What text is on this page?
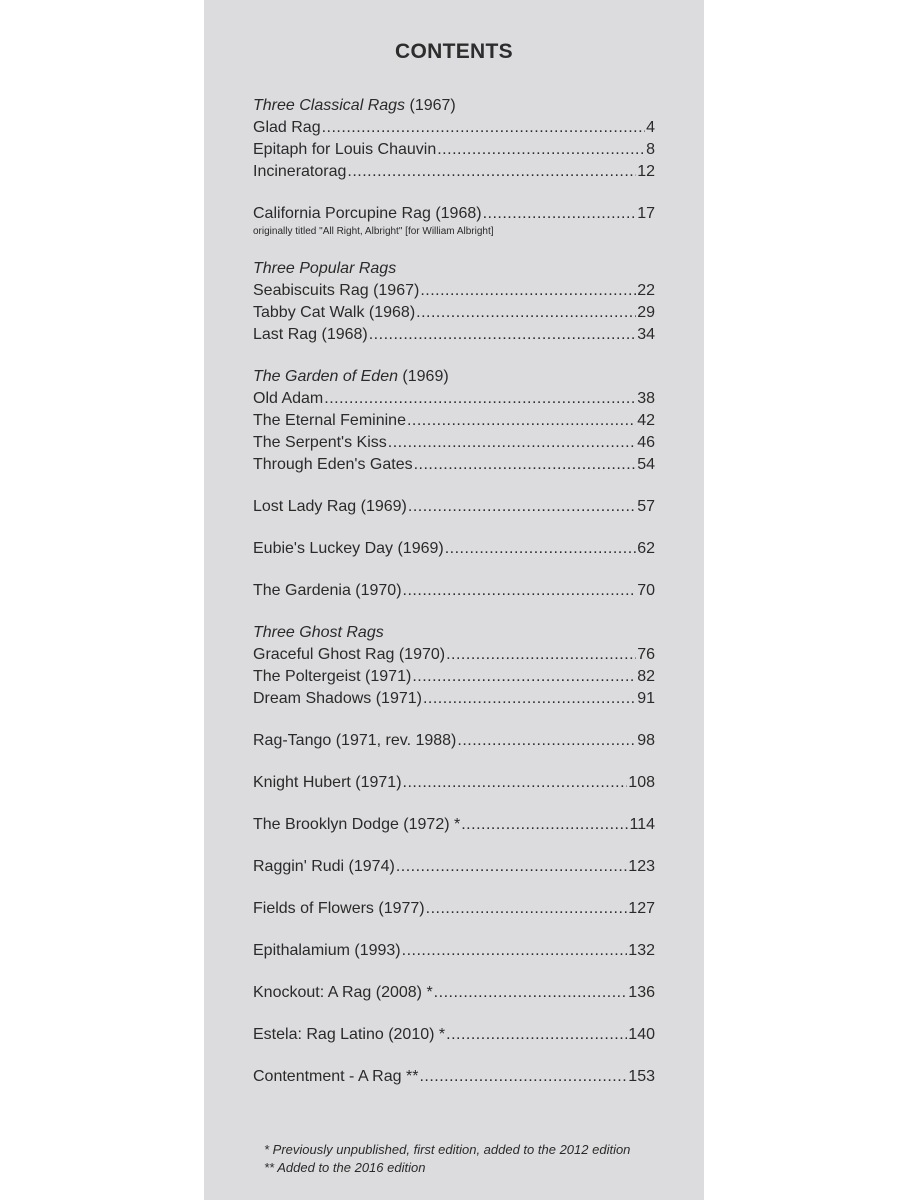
CONTENTS
Three Classical Rags (1967)
Glad Rag .....	4
Epitaph for Louis Chauvin .....	8
Incineratorag .....	12
California Porcupine Rag (1968) .....	17
originally titled "All Right, Albright" [for William Albright]
Three Popular Rags
Seabiscuits Rag (1967) .....	22
Tabby Cat Walk (1968) .....	29
Last Rag (1968) .....	34
The Garden of Eden (1969)
Old Adam .....	38
The Eternal Feminine .....	42
The Serpent's Kiss .....	46
Through Eden's Gates .....	54
Lost Lady Rag (1969) .....	57
Eubie's Luckey Day (1969) .....	62
The Gardenia (1970) .....	70
Three Ghost Rags
Graceful Ghost Rag (1970) .....	76
The Poltergeist (1971) .....	82
Dream Shadows (1971) .....	91
Rag-Tango (1971, rev. 1988) .....	98
Knight Hubert (1971) .....	108
The Brooklyn Dodge (1972) * .....	114
Raggin' Rudi (1974) .....	123
Fields of Flowers (1977) .....	127
Epithalamium (1993) .....	132
Knockout: A Rag (2008) * .....	136
Estela: Rag Latino (2010) * .....	140
Contentment - A Rag ** .....	153
* Previously unpublished, first edition, added to the 2012 edition
** Added to the 2016 edition
